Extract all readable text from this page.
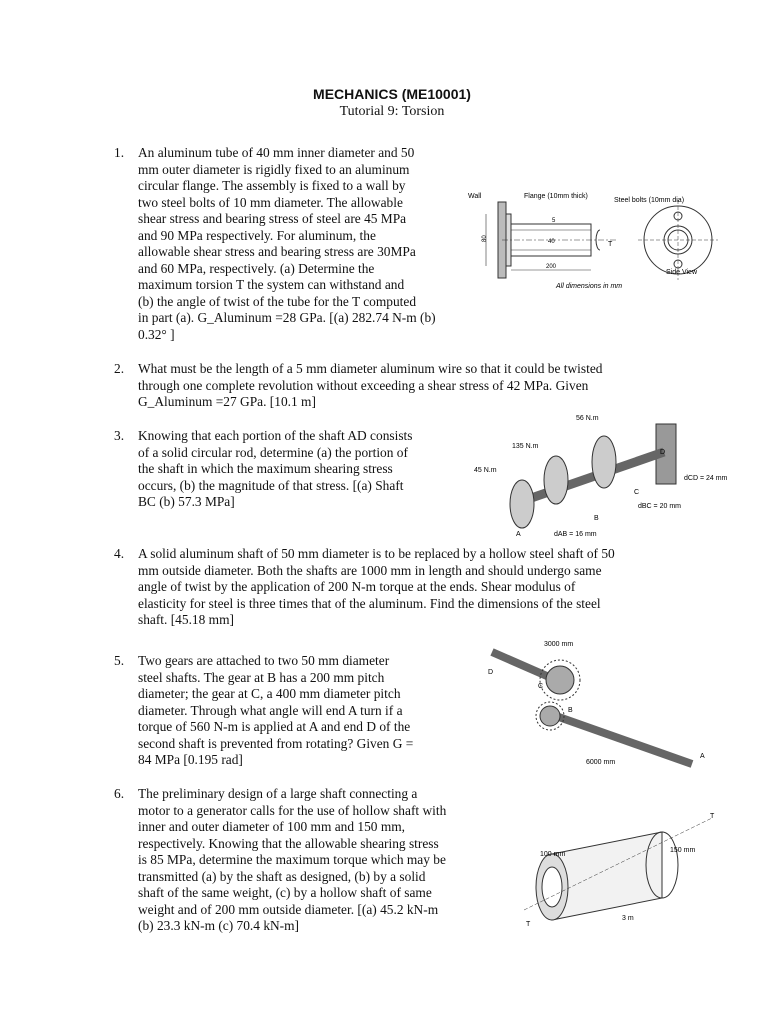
MECHANICS (ME10001)
Tutorial 9: Torsion
1. An aluminum tube of 40 mm inner diameter and 50
mm outer diameter is rigidly fixed to an aluminum
circular flange. The assembly is fixed to a wall by
two steel bolts of 10 mm diameter. The allowable
shear stress and bearing stress of steel are 45 MPa
and 90 MPa respectively. For aluminum, the
allowable shear stress and bearing stress are 30MPa
and 60 MPa, respectively. (a) Determine the
maximum torsion T the system can withstand and
(b) the angle of twist of the tube for the T computed
in part (a). G_Aluminum =28 GPa. [(a) 282.74 N-m (b)
0.32° ]
2. What must be the length of a 5 mm diameter aluminum wire so that it could be twisted
through one complete revolution without exceeding a shear stress of 42 MPa. Given
G_Aluminum =27 GPa. [10.1 m]
3. Knowing that each portion of the shaft AD consists
of a solid circular rod, determine (a) the portion of
the shaft in which the maximum shearing stress
occurs, (b) the magnitude of that stress. [(a) Shaft
BC (b) 57.3 MPa]
4. A solid aluminum shaft of 50 mm diameter is to be replaced by a hollow steel shaft of 50
mm outside diameter. Both the shafts are 1000 mm in length and should undergo same
angle of twist by the application of 200 N-m torque at the ends. Shear modulus of
elasticity for steel is three times that of the aluminum. Find the dimensions of the steel
shaft. [45.18 mm]
5. Two gears are attached to two 50 mm diameter
steel shafts. The gear at B has a 200 mm pitch
diameter; the gear at C, a 400 mm diameter pitch
diameter. Through what angle will end A turn if a
torque of 560 N-m is applied at A and end D of the
second shaft is prevented from rotating? Given G =
84 MPa [0.195 rad]
6. The preliminary design of a large shaft connecting a
motor to a generator calls for the use of hollow shaft with
inner and outer diameter of 100 mm and 150 mm,
respectively. Knowing that the allowable shearing stress
is 85 MPa, determine the maximum torque which may be
transmitted (a) by the shaft as designed, (b) by a solid
shaft of the same weight, (c) by a hollow shaft of same
weight and of 200 mm outside diameter. [(a) 45.2 kN-m
(b) 23.3 kN-m (c) 70.4 kN-m]
Wall	Flange (10mm thick)
Steel bolts (10mm dia)
80
5
40
200
T
Side View
All dimensions in mm
56 N.m
135 N.m
45 N.m
dCD = 24 mm
dBC = 20 mm
dAB = 16 mm
A
B
C
D
3000 mm
6000 mm
A
B
C
D
T
T
100 mm
150 mm
3 m
